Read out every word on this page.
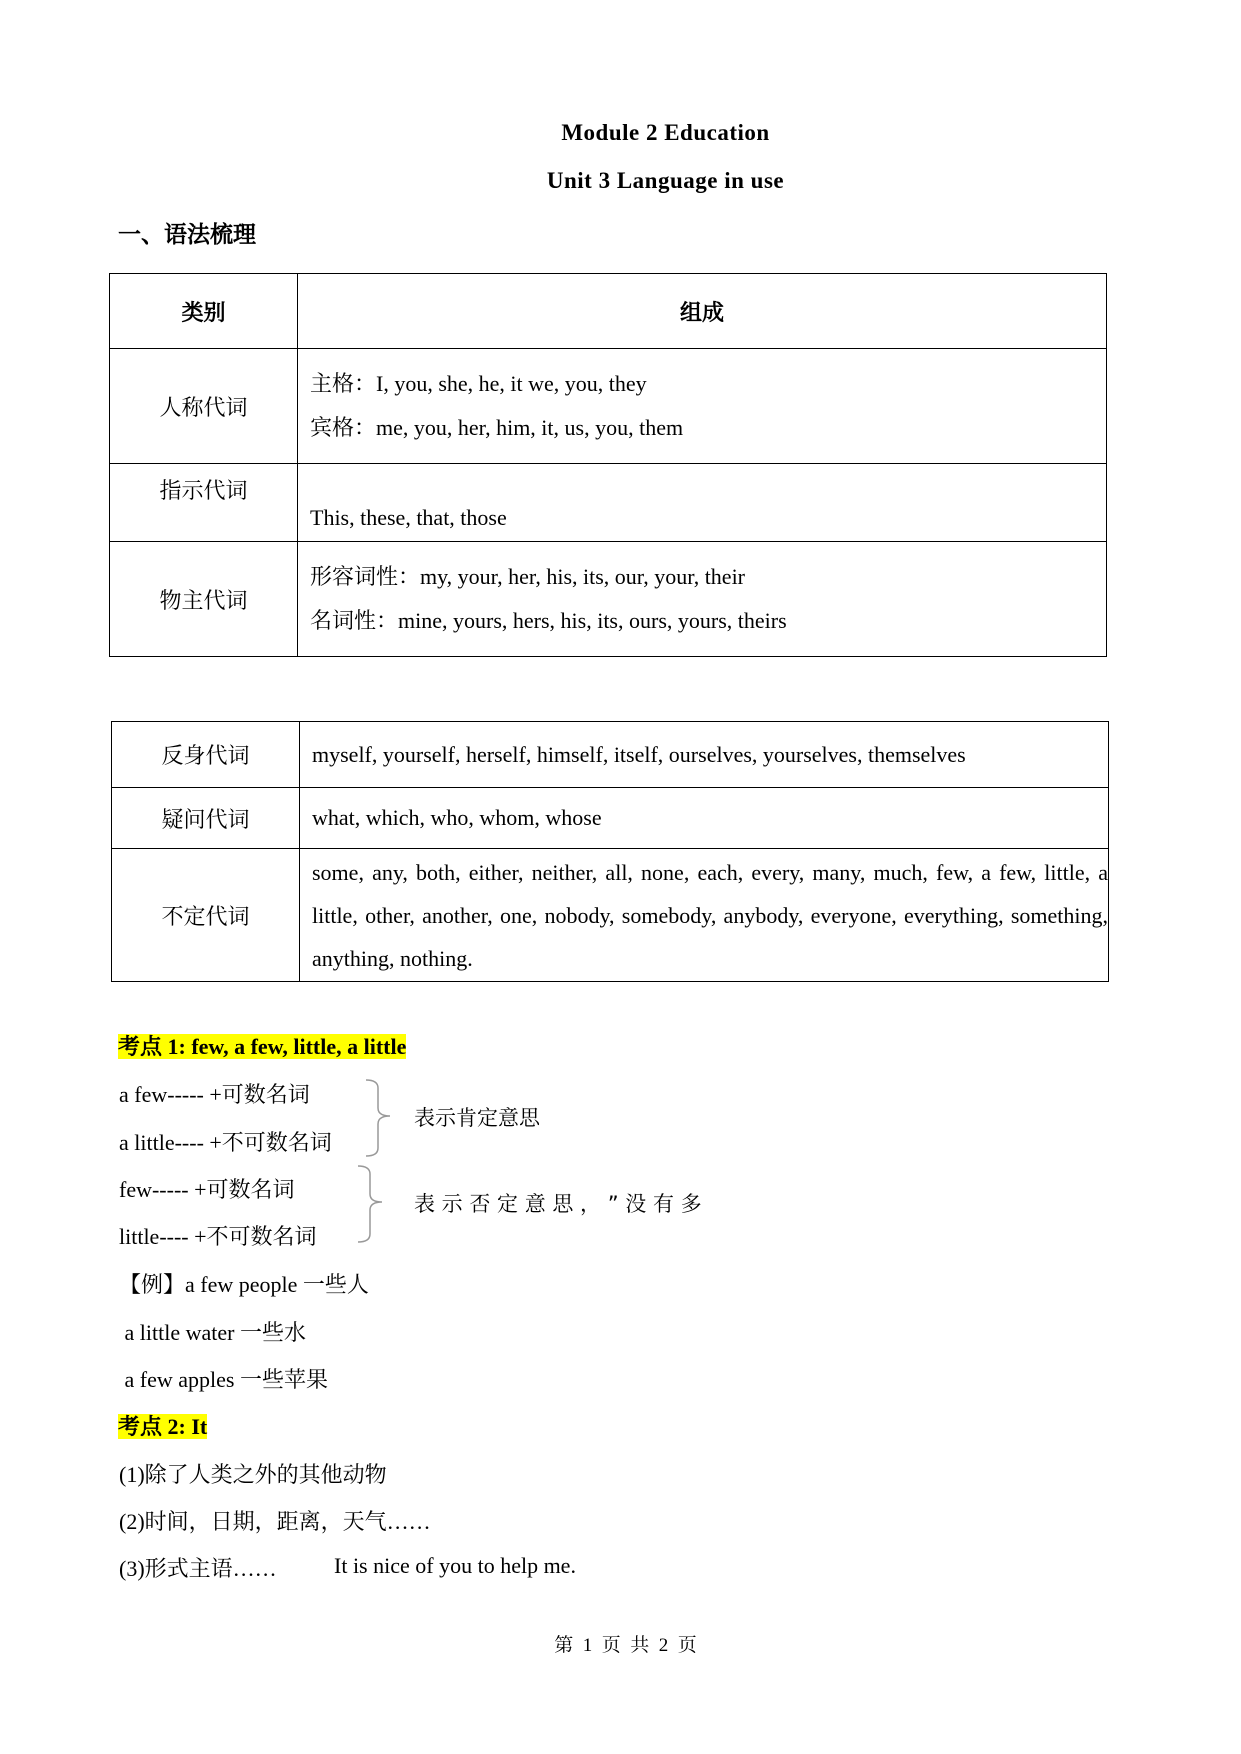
Module 2 Education
Unit 3 Language in use
一、语法梳理
类别	组成
人称代词	主格：I, you, she, he, it we, you, they
宾格：me, you, her, him, it, us, you, them

指示代词	This, these, that, those
物主代词	形容词性：my, your, her, his, its, our, your, their
名词性：mine, yours, hers, his, its, ours, yours, theirs
反身代词	myself, yourself, herself, himself, itself, ourselves, yourselves, themselves
疑问代词	what, which, who, whom, whose
不定代词	some, any, both, either, neither, all, none, each, every, many, much, few, a few, little, a little, other, another, one, nobody, somebody, anybody, everyone, everything, something, anything, nothing.
考点 1: few, a few, little, a little
a few----- +可数名词
a little---- +不可数名词
few----- +可数名词
little---- +不可数名词
表示肯定意思
表 示 否 定 意 思 ， ” 没 有 多
【例】a few people 一些人
a little water 一些水
a few apples 一些苹果
考点 2: It
(1)除了人类之外的其他动物
(2)时间，日期，距离，天气……
(3)形式主语……	It is nice of you to help me.
第  1  页  共  2  页
